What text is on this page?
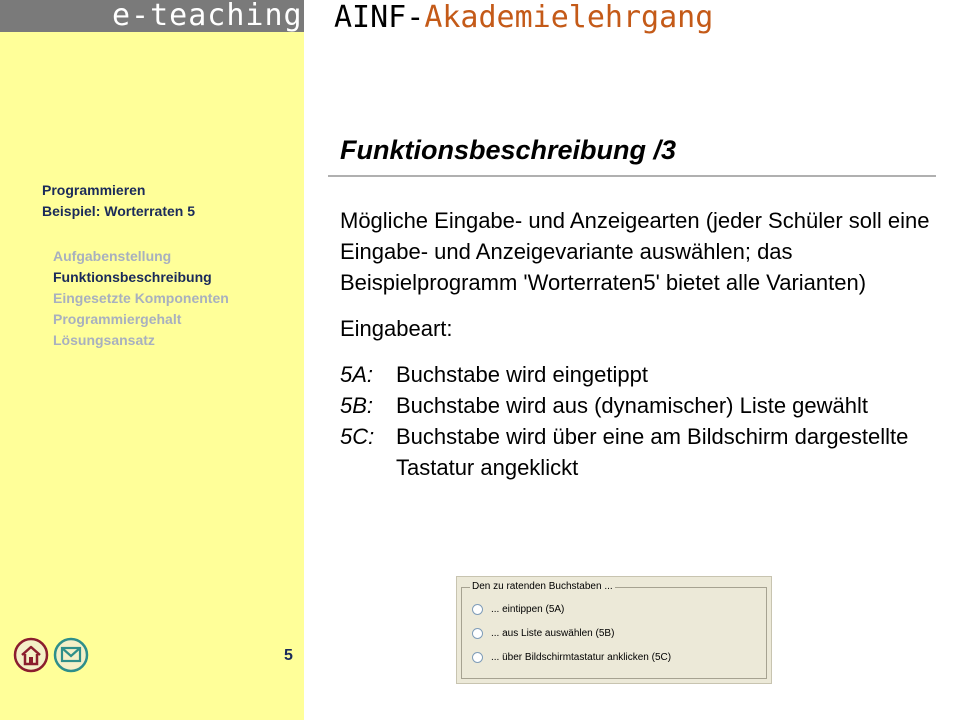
e-teaching
Programmieren
Beispiel: Worterraten 5
Aufgabenstellung
Funktionsbeschreibung
Eingesetzte Komponenten
Programmiergehalt
Lösungsansatz
5
AINF-Akademielehrgang
Funktionsbeschreibung /3
Mögliche Eingabe- und Anzeigearten (jeder Schüler soll eine Eingabe- und Anzeigevariante auswählen; das Beispielprogramm 'Worterraten5' bietet alle Varianten)
Eingabeart:
5A:	Buchstabe wird eingetippt
5B:	Buchstabe wird aus (dynamischer) Liste gewählt
5C: Buchstabe wird über eine am Bildschirm dargestellte Tastatur angeklickt
Den zu ratenden Buchstaben ...
... eintippen (5A)
... aus Liste auswählen (5B)
... über Bildschirmtastatur anklicken (5C)
